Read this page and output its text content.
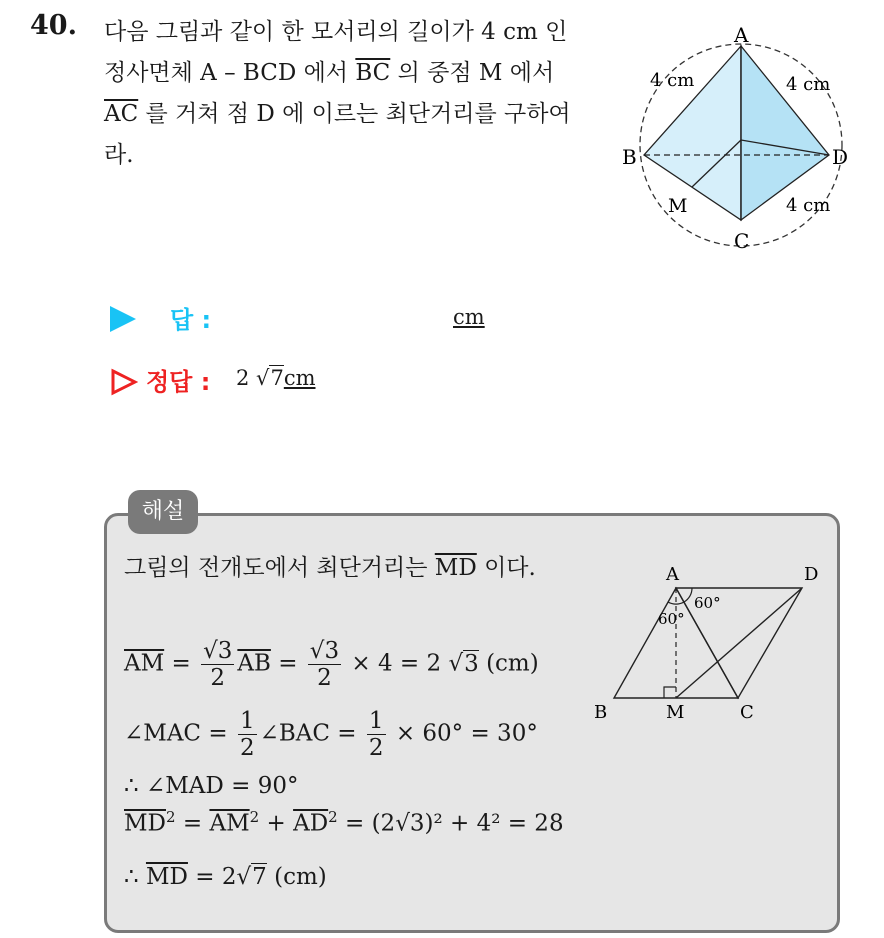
40. 다음 그림과 같이 한 모서리의 길이가 4 cm 인 정사면체 A – BCD 에서 $\overline{BC}$ 의 중점 M 에서 $\overline{AC}$ 를 거쳐 점 D 에 이르는 최단거리를 구하여라.
A
B
C
D
M
4 cm	4 cm
4 cm
답 :	cm
정답 : 2 √7cm
해설
그림의 전개도에서 최단거리는 $\overline{MD}$ 이다.
$\overline{AM} = \frac{√3}{2} \overline{AB} = \frac{√3}{2} \times 4 = 2$ √3 (cm)
∠MAC = $\frac{1}{2}$ ∠BAC = $\frac{1}{2} \times 60^\circ = 30^\circ$
∴ ∠MAD = 90°
$\overline{MD}^2 = \overline{AM}^2 + \overline{AD}^2 = (2√3)^2 + 4^2 = 28$
∴ $\overline{MD} = 2√7$ (cm)
A	D
B	M	C
60°
60°
